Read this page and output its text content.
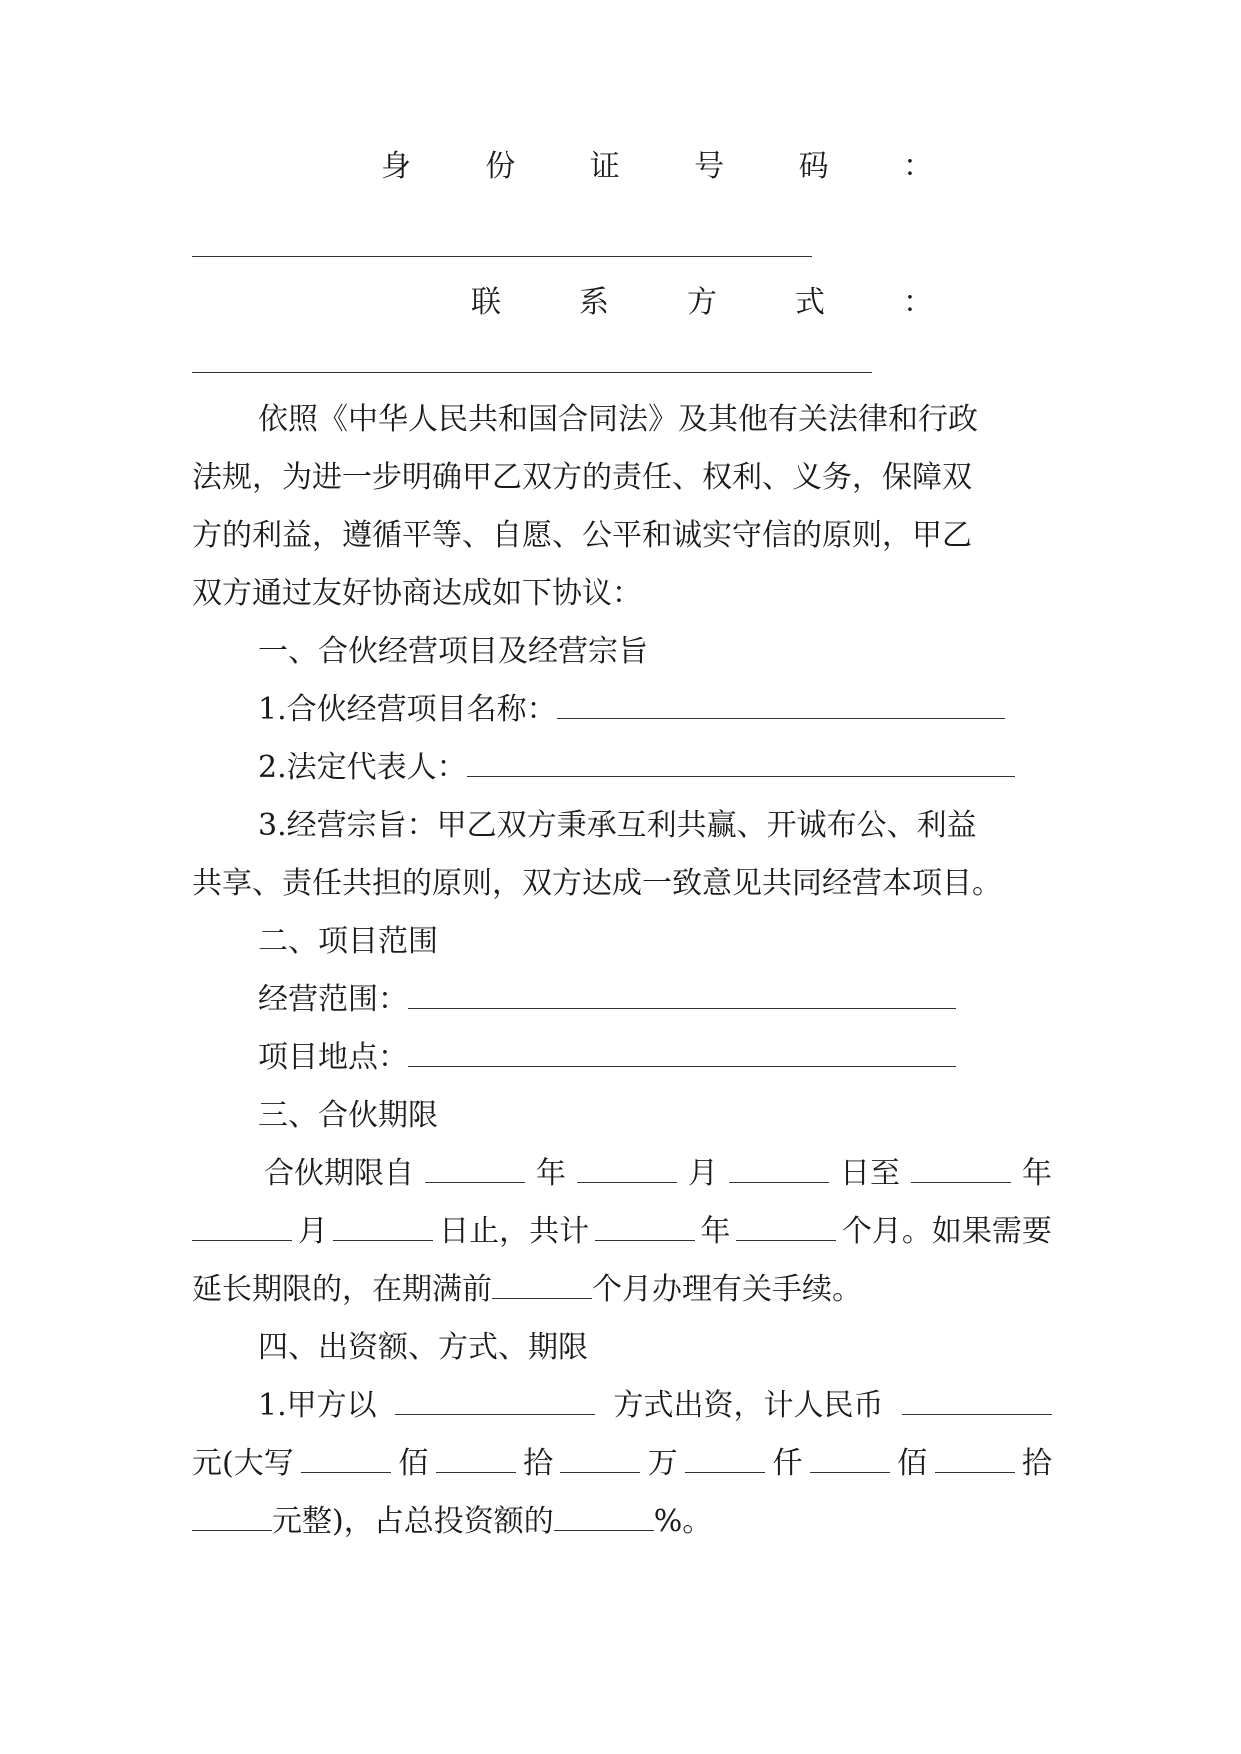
身 份 证 号 码 ：
联	系	方	式	：
依照《中华人民共和国合同法》及其他有关法律和行政
法规，为进一步明确甲乙双方的责任、权利、义务，保障双
方的利益，遵循平等、自愿、公平和诚实守信的原则，甲乙
双方通过友好协商达成如下协议：
一、合伙经营项目及经营宗旨
1.合伙经营项目名称：
2.法定代表人：
3.经营宗旨：甲乙双方秉承互利共赢、开诚布公、利益
共享、责任共担的原则，双方达成一致意见共同经营本项目。
二、项目范围
经营范围：
项目地点：
三、合伙期限
合伙期限自	年	月	日至	年
月	日止，共计	年	个月。如果需要
延长期限的，在期满前	个月办理有关手续。
四、出资额、方式、期限
1.甲方以	方式出资，计人民币
元(大写	佰	拾	万	仟	佰	拾
元整)，占总投资额的	%。
